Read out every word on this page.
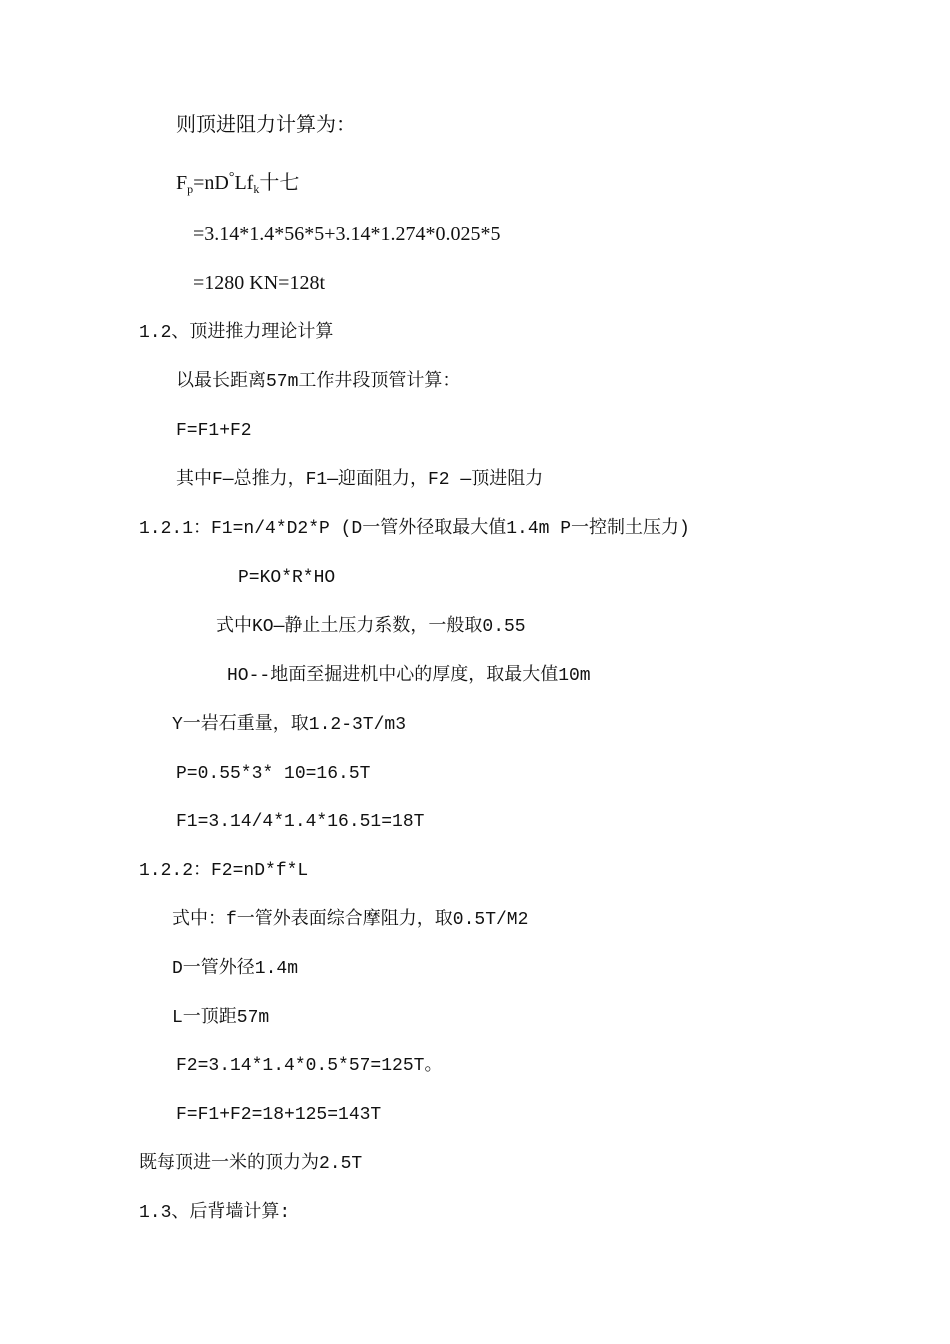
则顶进阻力计算为：
$F_p=nD^\circ Lf_k$十七
=3.14*1.4*56*5+3.14*1.274*0.025*5
=1280 KN=128t
1.2、顶进推力理论计算
以最长距离57m工作井段顶管计算：
F=F1+F2
其中F—总推力，F1—迎面阻力，F2 —顶进阻力
1.2.1：F1=n/4*D2*P (D一管外径取最大值1.4m P一控制土压力)
P=KO*R*HO
式中KO—静止土压力系数，一般取0.55
HO--地面至掘进机中心的厚度，取最大值10m
Y一岩石重量，取1.2-3T/m3
P=0.55*3* 10=16.5T
F1=3.14/4*1.4*16.51=18T
1.2.2：F2=nD*f*L
式中：f一管外表面综合摩阻力，取0.5T/M2
D一管外径1.4m
L一顶距57m
F2=3.14*1.4*0.5*57=125T。
F=F1+F2=18+125=143T
既每顶进一米的顶力为2.5T
1.3、后背墙计算:
